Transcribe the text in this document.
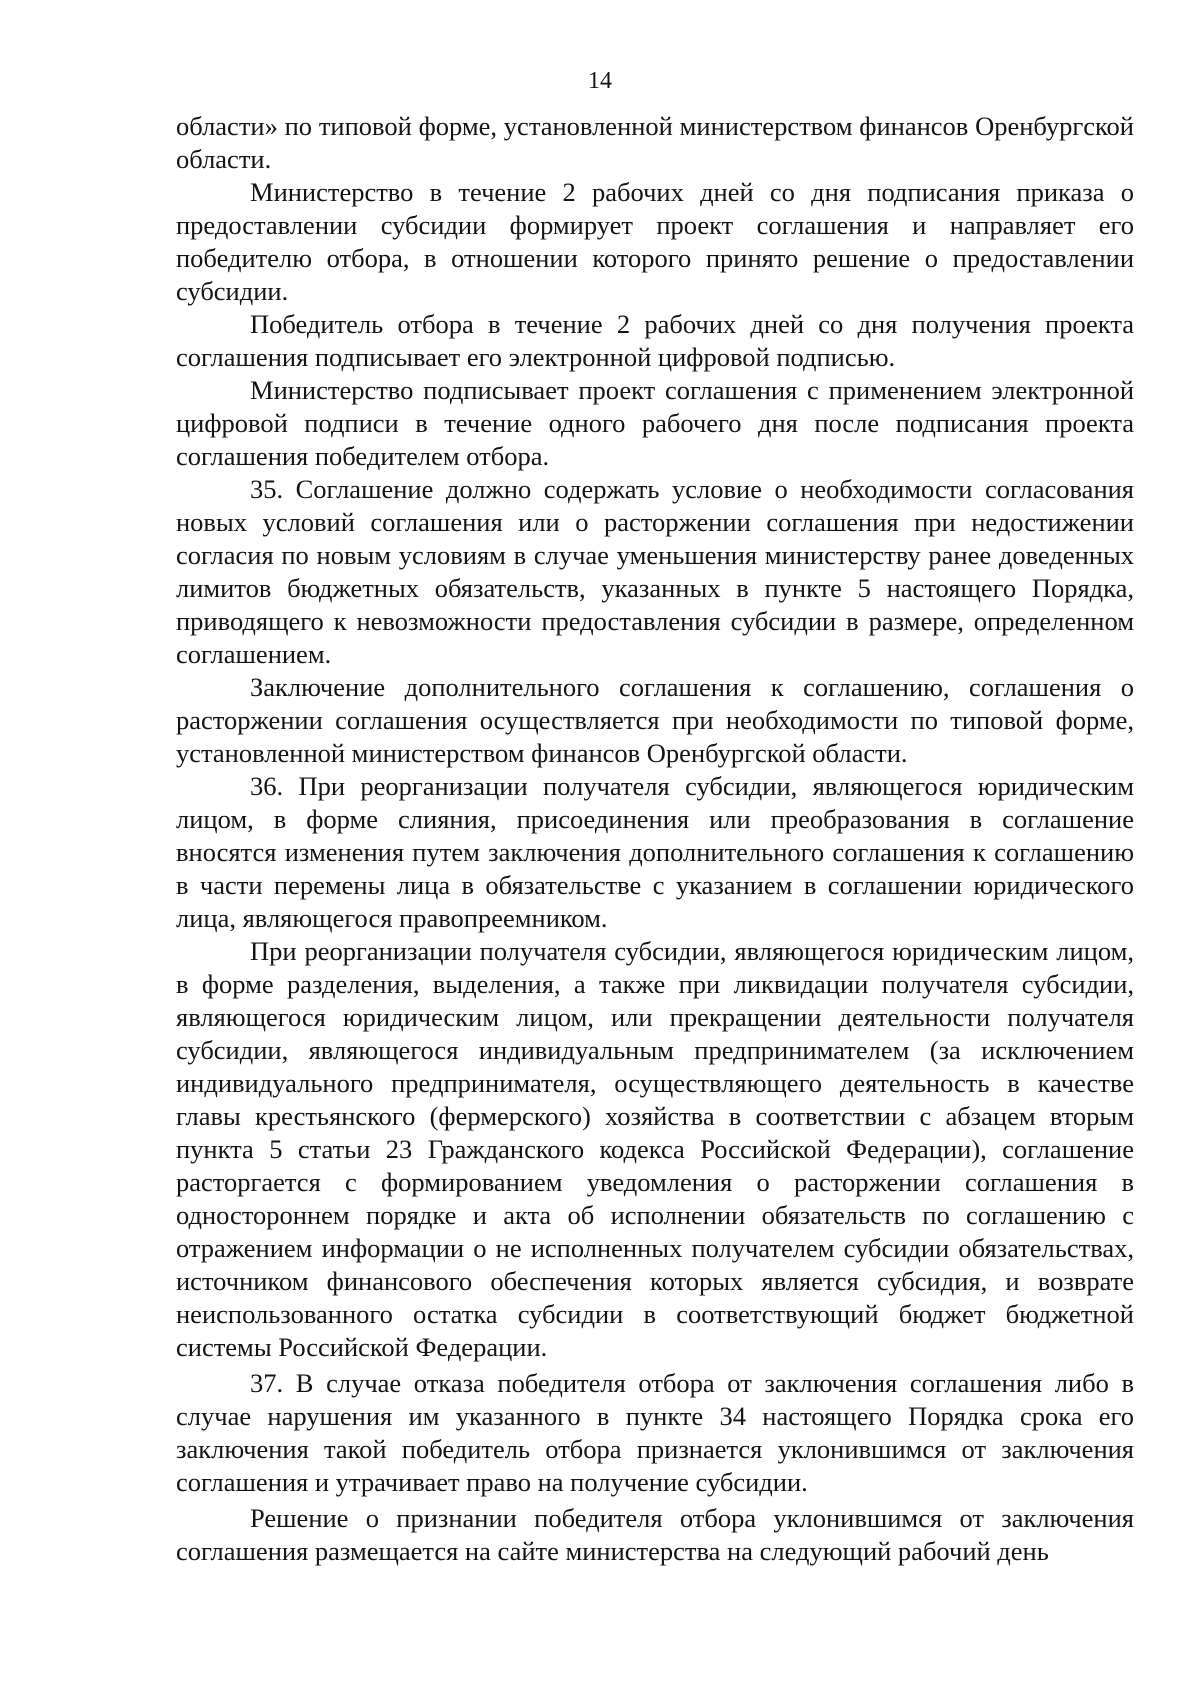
14

области» по типовой форме, установленной министерством финансов Оренбургской области.

Министерство в течение 2 рабочих дней со дня подписания приказа о предоставлении субсидии формирует проект соглашения и направляет его победителю отбора, в отношении которого принято решение о предоставлении субсидии.

Победитель отбора в течение 2 рабочих дней со дня получения проекта соглашения подписывает его электронной цифровой подписью.

Министерство подписывает проект соглашения с применением электронной цифровой подписи в течение одного рабочего дня после подписания проекта соглашения победителем отбора.

35. Соглашение должно содержать условие о необходимости согласования новых условий соглашения или о расторжении соглашения при недостижении согласия по новым условиям в случае уменьшения министерству ранее доведенных лимитов бюджетных обязательств, указанных в пункте 5 настоящего Порядка, приводящего к невозможности предоставления субсидии в размере, определенном соглашением.

Заключение дополнительного соглашения к соглашению, соглашения о расторжении соглашения осуществляется при необходимости по типовой форме, установленной министерством финансов Оренбургской области.

36. При реорганизации получателя субсидии, являющегося юридическим лицом, в форме слияния, присоединения или преобразования в соглашение вносятся изменения путем заключения дополнительного соглашения к соглашению в части перемены лица в обязательстве с указанием в соглашении юридического лица, являющегося правопреемником.

При реорганизации получателя субсидии, являющегося юридическим лицом, в форме разделения, выделения, а также при ликвидации получателя субсидии, являющегося юридическим лицом, или прекращении деятельности получателя субсидии, являющегося индивидуальным предпринимателем (за исключением индивидуального предпринимателя, осуществляющего деятельность в качестве главы крестьянского (фермерского) хозяйства в соответствии с абзацем вторым пункта 5 статьи 23 Гражданского кодекса Российской Федерации), соглашение расторгается с формированием уведомления о расторжении соглашения в одностороннем порядке и акта об исполнении обязательств по соглашению с отражением информации о не исполненных получателем субсидии обязательствах, источником финансового обеспечения которых является субсидия, и возврате неиспользованного остатка субсидии в соответствующий бюджет бюджетной системы Российской Федерации.

37. В случае отказа победителя отбора от заключения соглашения либо в случае нарушения им указанного в пункте 34 настоящего Порядка срока его заключения такой победитель отбора признается уклонившимся от заключения соглашения и утрачивает право на получение субсидии.

Решение о признании победителя отбора уклонившимся от заключения соглашения размещается на сайте министерства на следующий рабочий день
